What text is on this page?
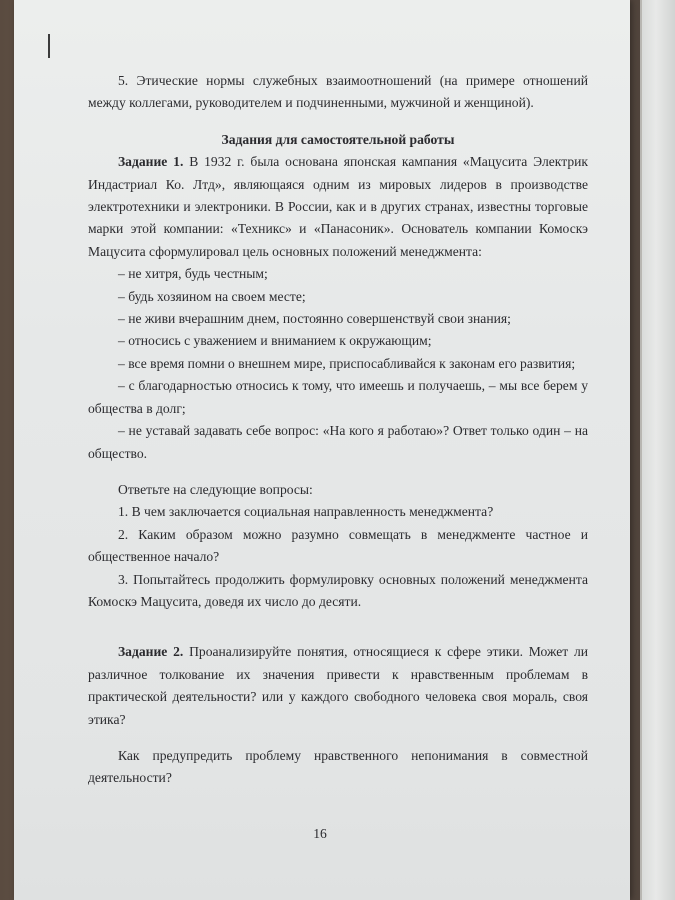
5. Этические нормы служебных взаимоотношений (на примере отношений между коллегами, руководителем и подчиненными, мужчиной и женщиной).

Задания для самостоятельной работы

Задание 1. В 1932 г. была основана японская кампания «Мацусита Электрик Индастриал Ко. Лтд», являющаяся одним из мировых лидеров в производстве электротехники и электроники. В России, как и в других странах, известны торговые марки этой компании: «Техникс» и «Панасоник». Основатель компании Комоскэ Мацусита сформулировал цель основных положений менеджмента:

– не хитря, будь честным;

– будь хозяином на своем месте;

– не живи вчерашним днем, постоянно совершенствуй свои знания;

– относись с уважением и вниманием к окружающим;

– все время помни о внешнем мире, приспосабливайся к законам его развития;

– с благодарностью относись к тому, что имеешь и получаешь, – мы все берем у общества в долг;

– не уставай задавать себе вопрос: «На кого я работаю»? Ответ только один – на общество.

Ответьте на следующие вопросы:

1. В чем заключается социальная направленность менеджмента?

2. Каким образом можно разумно совмещать в менеджменте частное и общественное начало?

3. Попытайтесь продолжить формулировку основных положений менеджмента Комоскэ Мацусита, доведя их число до десяти.

Задание 2. Проанализируйте понятия, относящиеся к сфере этики. Может ли различное толкование их значения привести к нравственным проблемам в практической деятельности? или у каждого свободного человека своя мораль, своя этика?

Как предупредить проблему нравственного непонимания в совместной деятельности?

16
